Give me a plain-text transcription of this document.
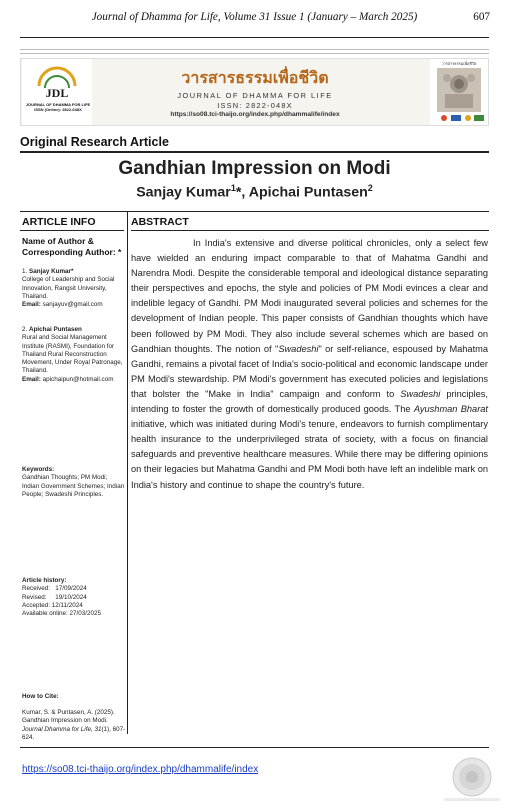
Journal of Dhamma for Life, Volume 31 Issue 1 (January – March 2025)	607
JDL
JOURNAL OF DHAMMA FOR LIFE
ISSN (Online): 2822-048X
วารสารธรรมเพื่อชีวิต
JOURNAL OF DHAMMA FOR LIFE
ISSN: 2822-048X
https://so08.tci-thaijo.org/index.php/dhammalife/index
วารสารธรรมเพื่อชีวิต
Original Research Article
Gandhian Impression on Modi
Sanjay Kumar$^1$*, Apichai Puntasen$^2$
ARTICLE INFO
Name of Author & Corresponding Author: *
1. Sanjay Kumar*
College of Leadership and Social Innovation, Rangsit University, Thailand.
Email: sanjayuv@gmail.com
2. Apichai Puntasen
Rural and Social Management Institute (RASMI), Foundation for Thailand Rural Reconstruction Movement, Under Royal Patronage, Thailand.
Email: apichaipun@hotmail.com
Keywords:
Gandhian Thoughts; PM Modi; Indian Government Schemes; Indian People; Swadeshi Principles.
Article history:
Received:   17/09/2024
Revised:     19/10/2024
Accepted: 12/11/2024
Available online: 27/03/2025
How to Cite:
Kumar, S. & Puntasen, A. (2025). Gandhian Impression on Modi. Journal Dhamma for Life, 31(1), 607-624.
ABSTRACT

In India's extensive and diverse political chronicles, only a select few have wielded an enduring impact comparable to that of Mahatma Gandhi and Narendra Modi. Despite the considerable temporal and ideological distance separating their perspectives and epochs, the style and policies of PM Modi evinces a clear and indelible legacy of Gandhi. PM Modi inaugurated several policies and schemes for the development of Indian people. This paper consists of Gandhian thoughts which have been followed by PM Modi. They also include several schemes which are based on Gandhian thoughts. The notion of "Swadeshi" or self-reliance, espoused by Mahatma Gandhi, remains a pivotal facet of India's socio-political and economic landscape under PM Modi's stewardship. PM Modi's government has executed policies and legislations that bolster the "Make in India" campaign and conform to Swadeshi principles, intending to foster the growth of domestically produced goods. The Ayushman Bharat initiative, which was initiated during Modi's tenure, endeavors to furnish complimentary health insurance to the underprivileged strata of society, with a focus on financial safeguards and preventive healthcare measures. While there may be differing opinions on their legacies but Mahatma Gandhi and PM Modi both have left an indelible mark on India's history and continue to shape the country's future.

https://so08.tci-thaijo.org/index.php/dhammalife/index
